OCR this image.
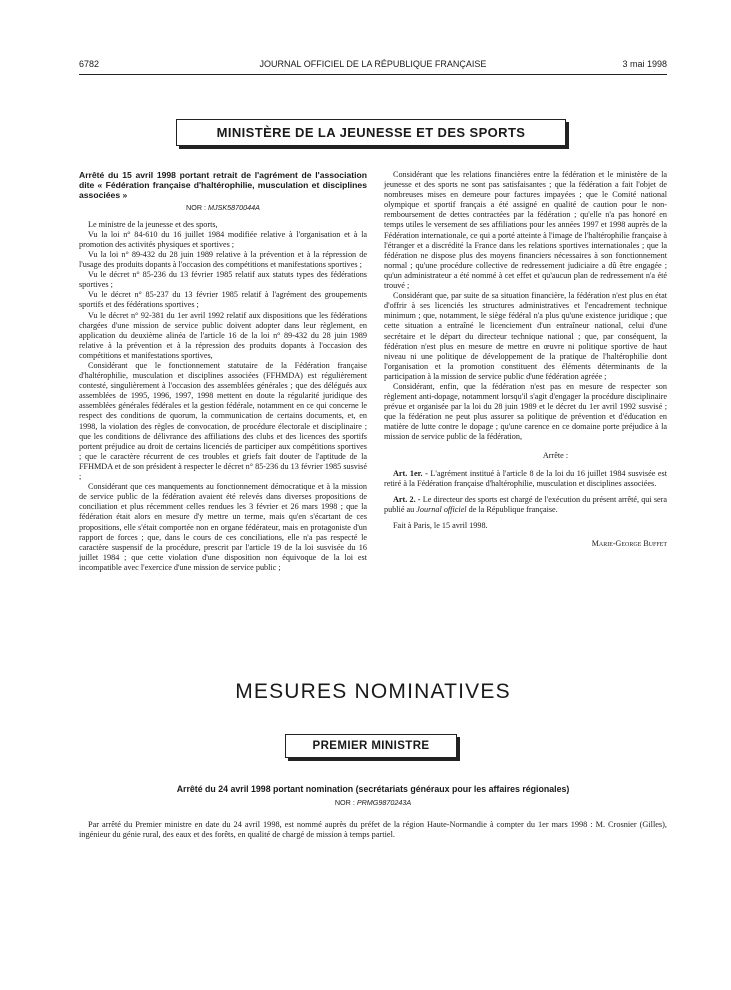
6782	JOURNAL OFFICIEL DE LA RÉPUBLIQUE FRANÇAISE	3 mai 1998
MINISTÈRE DE LA JEUNESSE ET DES SPORTS

Arrêté du 15 avril 1998 portant retrait de l'agrément de l'association dite « Fédération française d'haltérophilie, musculation et disciplines associées »

NOR : MJSK5870044A

Le ministre de la jeunesse et des sports,

Vu la loi n° 84-610 du 16 juillet 1984 modifiée relative à l'organisation et à la promotion des activités physiques et sportives ;

Vu la loi n° 89-432 du 28 juin 1989 relative à la prévention et à la répression de l'usage des produits dopants à l'occasion des compétitions et manifestations sportives ;

Vu le décret n° 85-236 du 13 février 1985 relatif aux statuts types des fédérations sportives ;

Vu le décret n° 85-237 du 13 février 1985 relatif à l'agrément des groupements sportifs et des fédérations sportives ;

Vu le décret n° 92-381 du 1er avril 1992 relatif aux dispositions que les fédérations chargées d'une mission de service public doivent adopter dans leur règlement, en application du deuxième alinéa de l'article 16 de la loi n° 89-432 du 28 juin 1989 relative à la prévention et à la répression des produits dopants à l'occasion des compétitions et manifestations sportives,

Considérant que le fonctionnement statutaire de la Fédération française d'haltérophilie, musculation et disciplines associées (FFHMDA) est régulièrement contesté, singulièrement à l'occasion des assemblées générales ; que des délégués aux assemblées de 1995, 1996, 1997, 1998 mettent en doute la régularité juridique des assemblées générales fédérales et la gestion fédérale, notamment en ce qui concerne le respect des conditions de quorum, la communication de certains documents, et, en 1998, la violation des règles de convocation, de procédure électorale et disciplinaire ; que les conditions de délivrance des affiliations des clubs et des licences des sportifs portent préjudice au droit de certains licenciés de participer aux compétitions sportives ; que le caractère récurrent de ces troubles et griefs fait douter de l'aptitude de la FFHMDA et de son président à respecter le décret n° 85-236 du 13 février 1985 susvisé ;

Considérant que ces manquements au fonctionnement démocratique et à la mission de service public de la fédération avaient été relevés dans diverses propositions de conciliation et plus récemment celles rendues les 3 février et 26 mars 1998 ; que la fédération était alors en mesure d'y mettre un terme, mais qu'en s'écartant de ces propositions, elle s'était comportée non en organe fédérateur, mais en protagoniste d'un rapport de forces ; que, dans le cours de ces conciliations, elle n'a pas respecté le caractère suspensif de la procédure, prescrit par l'article 19 de la loi susvisée du 16 juillet 1984 ; que cette violation d'une disposition non équivoque de la loi est incompatible avec l'exercice d'une mission de service public ;

Considérant que les relations financières entre la fédération et le ministère de la jeunesse et des sports ne sont pas satisfaisantes ; que la fédération a fait l'objet de nombreuses mises en demeure pour factures impayées ; que le Comité national olympique et sportif français a été assigné en qualité de caution pour le non-remboursement de dettes contractées par la fédération ; qu'elle n'a pas honoré en temps utiles le versement de ses affiliations pour les années 1997 et 1998 auprès de la Fédération internationale, ce qui a porté atteinte à l'image de l'haltérophilie française à l'étranger et a discrédité la France dans les relations sportives internationales ; que la fédération ne dispose plus des moyens financiers nécessaires à son fonctionnement normal ; qu'une procédure collective de redressement judiciaire a dû être engagée ; qu'un administrateur a été nommé à cet effet et qu'aucun plan de redressement n'a été trouvé ;

Considérant que, par suite de sa situation financière, la fédération n'est plus en état d'offrir à ses licenciés les structures administratives et l'encadrement technique minimum ; que, notamment, le siège fédéral n'a plus qu'une existence juridique ; que cette situation a entraîné le licenciement d'un entraîneur national, celui d'une secrétaire et le départ du directeur technique national ; que, par conséquent, la fédération n'est plus en mesure de mettre en œuvre ni politique sportive de haut niveau ni une politique de développement de la pratique de l'haltérophilie dont l'organisation et la promotion constituent des éléments déterminants de la participation à la mission de service public d'une fédération agréée ;

Considérant, enfin, que la fédération n'est pas en mesure de respecter son règlement anti-dopage, notamment lorsqu'il s'agit d'engager la procédure disciplinaire prévue et organisée par la loi du 28 juin 1989 et le décret du 1er avril 1992 susvisé ; que la fédération ne peut plus assurer sa politique de prévention et d'éducation en matière de lutte contre le dopage ; qu'une carence en ce domaine porte préjudice à la mission de service public de la fédération,

Arrête :

Art. 1er. - L'agrément institué à l'article 8 de la loi du 16 juillet 1984 susvisée est retiré à la Fédération française d'haltérophilie, musculation et disciplines associées.

Art. 2. - Le directeur des sports est chargé de l'exécution du présent arrêté, qui sera publié au Journal officiel de la République française.

Fait à Paris, le 15 avril 1998.

Marie-George Buffet

MESURES NOMINATIVES
PREMIER MINISTRE
Arrêté du 24 avril 1998 portant nomination (secrétariats généraux pour les affaires régionales)
NOR : PRMG9870243A

Par arrêté du Premier ministre en date du 24 avril 1998, est nommé auprès du préfet de la région Haute-Normandie à compter du 1er mars 1998 : M. Crosnier (Gilles), ingénieur du génie rural, des eaux et des forêts, en qualité de chargé de mission à temps partiel.
